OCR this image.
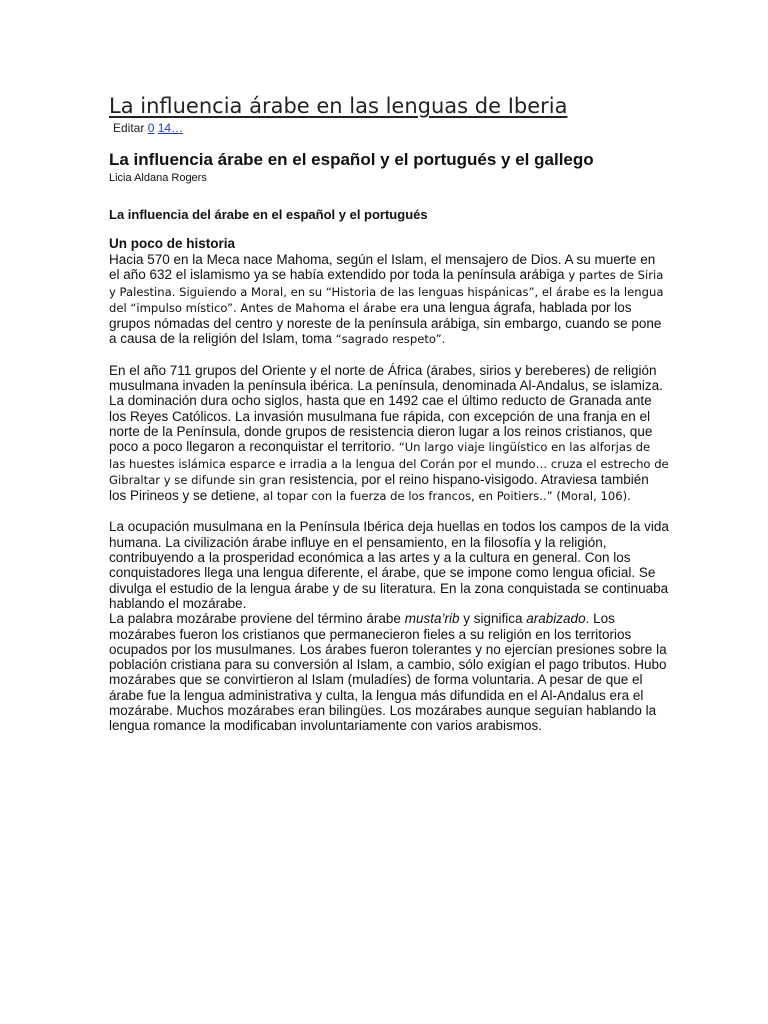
La influencia árabe en las lenguas de Iberia
Editar 0 14…
La influencia árabe en el español y el portugués y el gallego
Licia Aldana Rogers
La influencia del árabe en el español y el portugués
Un poco de historia

Hacia 570 en la Meca nace Mahoma, según el Islam, el mensajero de Dios. A su muerte en el año 632 el islamismo ya se había extendido por toda la península arábiga y partes de Siria y Palestina. Siguiendo a Moral, en su “Historia de las lenguas hispánicas”, el árabe es la lengua del “impulso místico”. Antes de Mahoma el árabe era una lengua ágrafa, hablada por los grupos nómadas del centro y noreste de la península arábiga, sin embargo, cuando se pone a causa de la religión del Islam, toma “sagrado respeto”.

En el año 711 grupos del Oriente y el norte de África (árabes, sirios y bereberes) de religión musulmana invaden la península ibérica. La península, denominada Al-Andalus, se islamiza. La dominación dura ocho siglos, hasta que en 1492 cae el último reducto de Granada ante los Reyes Católicos. La invasión musulmana fue rápida, con excepción de una franja en el norte de la Península, donde grupos de resistencia dieron lugar a los reinos cristianos, que poco a poco llegaron a reconquistar el territorio. “Un largo viaje lingüístico en las alforjas de las huestes islámica esparce e irradia a la lengua del Corán por el mundo… cruza el estrecho de Gibraltar y se difunde sin gran resistencia, por el reino hispano-visigodo. Atraviesa también los Pirineos y se detiene, al topar con la fuerza de los francos, en Poitiers..” (Moral, 106).

La ocupación musulmana en la Península Ibérica deja huellas en todos los campos de la vida humana. La civilización árabe influye en el pensamiento, en la filosofía y la religión, contribuyendo a la prosperidad económica a las artes y a la cultura en general. Con los conquistadores llega una lengua diferente, el árabe, que se impone como lengua oficial. Se divulga el estudio de la lengua árabe y de su literatura. En la zona conquistada se continuaba hablando el mozárabe.

La palabra mozárabe proviene del término árabe musta’rib y significa arabizado. Los mozárabes fueron los cristianos que permanecieron fieles a su religión en los territorios ocupados por los musulmanes. Los árabes fueron tolerantes y no ejercían presiones sobre la población cristiana para su conversión al Islam, a cambio, sólo exigían el pago tributos. Hubo mozárabes que se convirtieron al Islam (muladíes) de forma voluntaria. A pesar de que el árabe fue la lengua administrativa y culta, la lengua más difundida en el Al-Andalus era el mozárabe. Muchos mozárabes eran bilingües. Los mozárabes aunque seguían hablando la lengua romance la modificaban involuntariamente con varios arabismos.
